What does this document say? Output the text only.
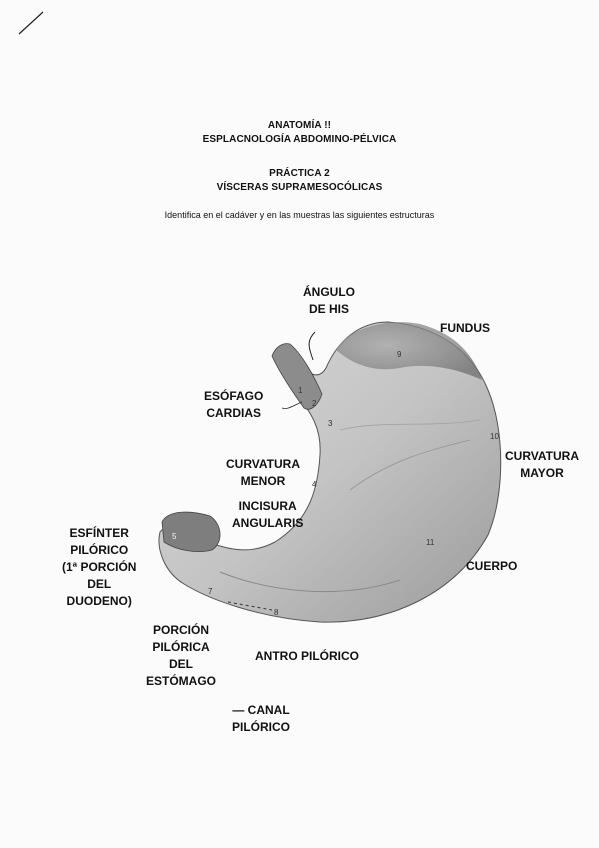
ANATOMÍA !!
ESPLACNOLOGÍA ABDOMINO-PÉLVICA
PRÁCTICA 2
VÍSCERAS SUPRAMESOCÓLICAS
Identifica en el cadáver y en las muestras las siguientes estructuras
ÁNGULO
DE HIS
FUNDUS
ESÓFAGO
CARDIAS
CURVATURA
MAYOR
CURVATURA
MENOR
INCISURA
ANGULARIS
ESFÍNTER
PILÓRICO
(1ª PORCIÓN
DEL
DUODENO)
CUERPO
PORCIÓN
PILÓRICA
DEL
ESTÓMAGO
ANTRO PILÓRICO
— CANAL
PILÓRICO
1
2
3
4
5
7
8
9
10
11
